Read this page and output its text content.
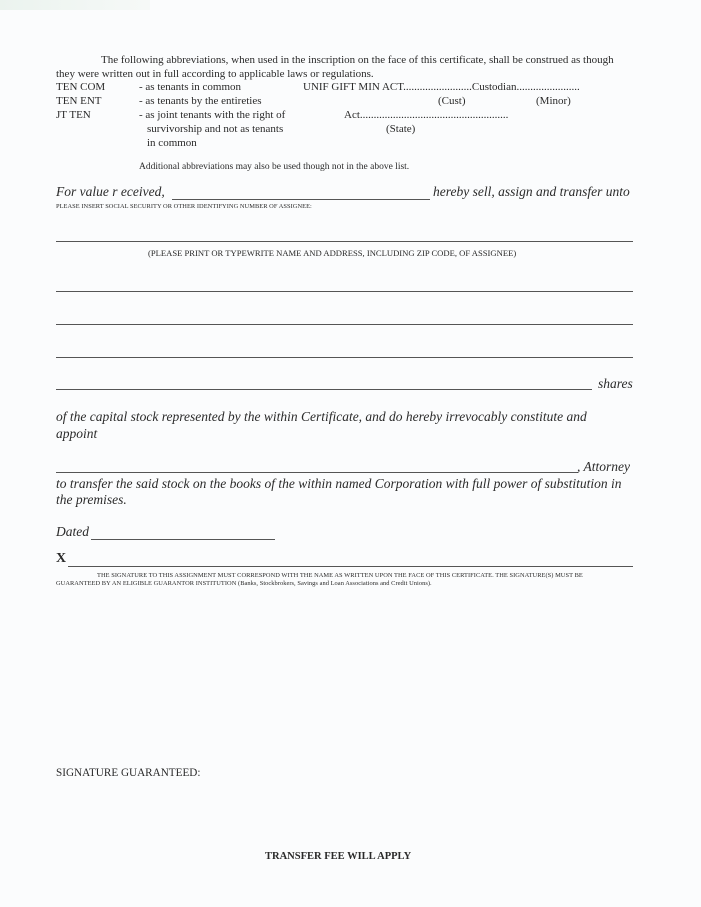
The following abbreviations, when used in the inscription on the face of this certificate, shall be construed as though
they were written out in full according to applicable laws or regulations.
TEN COM	- as tenants in common
TEN ENT	- as tenants by the entireties
JT TEN	- as joint tenants with the right of
survivorship and not as tenants
in common
UNIF GIFT MIN ACT.........................Custodian.......................
(Cust)	(Minor)
Act......................................................
(State)
Additional abbreviations may also be used though not in the above list.
For value r eceived,	hereby sell, assign and transfer unto
PLEASE INSERT SOCIAL SECURITY OR OTHER IDENTIFYING NUMBER OF ASSIGNEE:
(PLEASE PRINT OR TYPEWRITE NAME AND ADDRESS, INCLUDING ZIP CODE, OF ASSIGNEE)
shares
of the capital stock represented by the within Certificate, and do hereby irrevocably constitute and
appoint
, Attorney
to transfer the said stock on the books of the within named Corporation with full power of substitution in
the premises.
Dated
X
THE SIGNATURE TO THIS ASSIGNMENT MUST CORRESPOND WITH THE NAME AS WRITTEN UPON THE FACE OF THIS CERTIFICATE. THE SIGNATURE(S) MUST BE
GUARANTEED BY AN ELIGIBLE GUARANTOR INSTITUTION (Banks, Stockbrokers, Savings and Loan Associations and Credit Unions).
SIGNATURE GUARANTEED:
TRANSFER FEE WILL APPLY
